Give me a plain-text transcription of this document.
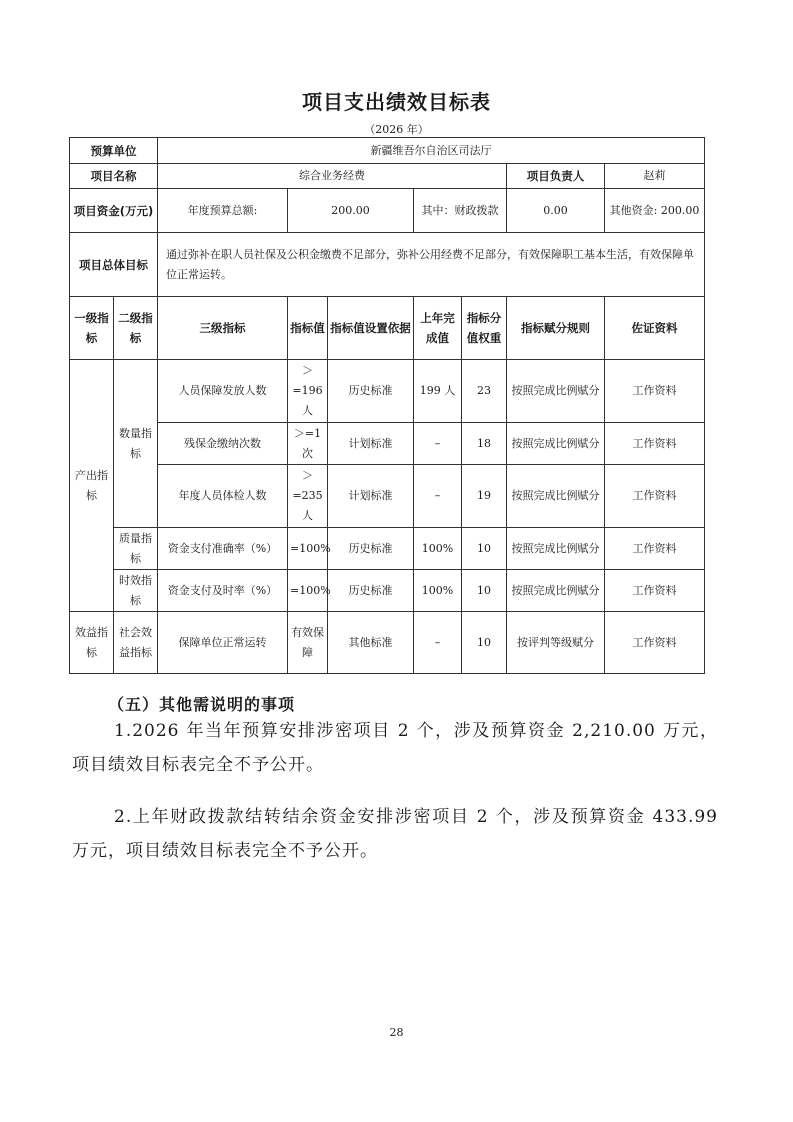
项目支出绩效目标表
（2026 年）
预算单位		新疆维吾尔自治区司法厅						
项目名称		综合业务经费					项目负责人	赵莉
项目资金(万元)		年度预算总额:	200.00		其中：财政拨款		0.00	其他资金: 200.00
项目总体目标		通过弥补在职人员社保及公积金缴费不足部分，弥补公用经费不足部分，有效保障职工基本生活，有效保障单位正常运转。						
一级指标	二级指标	三级指标	指标值	指标值设置依据	上年完成值	指标分值权重	指标赋分规则	佐证资料
产出指标	数量指标	人员保障发放人数	＞=196人	历史标准	199 人	23	按照完成比例赋分	工作资料
		残保金缴纳次数	＞=1次	计划标准	–	18	按照完成比例赋分	工作资料
		年度人员体检人数	＞=235人	计划标准	–	19	按照完成比例赋分	工作资料
	质量指标	资金支付准确率（%）	=100%	历史标准	100%	10	按照完成比例赋分	工作资料
	时效指标	资金支付及时率（%）	=100%	历史标准	100%	10	按照完成比例赋分	工作资料
效益指标	社会效益指标	保障单位正常运转	有效保障	其他标准	–	10	按评判等级赋分	工作资料
（五）其他需说明的事项

1.2026 年当年预算安排涉密项目 2 个，涉及预算资金 2,210.00 万元，项目绩效目标表完全不予公开。

2.上年财政拨款结转结余资金安排涉密项目 2 个，涉及预算资金 433.99 万元，项目绩效目标表完全不予公开。

28
